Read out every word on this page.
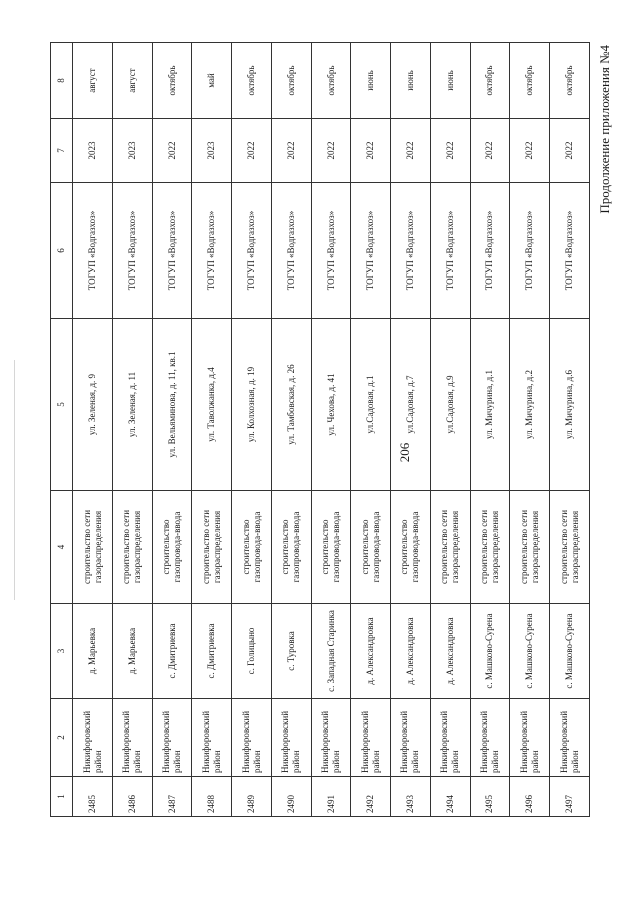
206
Продолжение приложения №4
1	2	3	4	5	6	7	8
2485	Никифоровский район	д. Марьевка	строительство сети газораспределения	ул. Зеленая, д. 9	ТОГУП «Водгазхоз»	2023	август
2486	Никифоровский район	д. Марьевка	строительство сети газораспределения	ул. Зеленая, д. 11	ТОГУП «Водгазхоз»	2023	август
2487	Никифоровский район	с. Дмитриевка	строительство газопровода-ввода	ул. Вельяминова, д. 11, кв.1	ТОГУП «Водгазхоз»	2022	октябрь
2488	Никифоровский район	с. Дмитриевка	строительство сети газораспределения	ул. Таволжанка, д.4	ТОГУП «Водгазхоз»	2023	май
2489	Никифоровский район	с. Голицыно	строительство газопровода-ввода	ул. Колхозная, д. 19	ТОГУП «Водгазхоз»	2022	октябрь
2490	Никифоровский район	с. Туровка	строительство газопровода-ввода	ул. Тамбовская, д. 26	ТОГУП «Водгазхоз»	2022	октябрь
2491	Никифоровский район	с. Западная Старинка	строительство газопровода-ввода	ул. Чехова, д. 41	ТОГУП «Водгазхоз»	2022	октябрь
2492	Никифоровский район	д. Александровка	строительство газопровода-ввода	ул.Садовая, д.1	ТОГУП «Водгазхоз»	2022	июнь
2493	Никифоровский район	д. Александровка	строительство газопровода-ввода	ул.Садовая, д.7	ТОГУП «Водгазхоз»	2022	июнь
2494	Никифоровский район	д. Александровка	строительство сети газораспределения	ул.Садовая, д.9	ТОГУП «Водгазхоз»	2022	июнь
2495	Никифоровский район	с. Машково-Сурена	строительство сети газораспределения	ул. Мичурина, д.1	ТОГУП «Водгазхоз»	2022	октябрь
2496	Никифоровский район	с. Машково-Сурена	строительство сети газораспределения	ул. Мичурина, д.2	ТОГУП «Водгазхоз»	2022	октябрь
2497	Никифоровский район	с. Машково-Сурена	строительство сети газораспределения	ул. Мичурина, д.6	ТОГУП «Водгазхоз»	2022	октябрь
